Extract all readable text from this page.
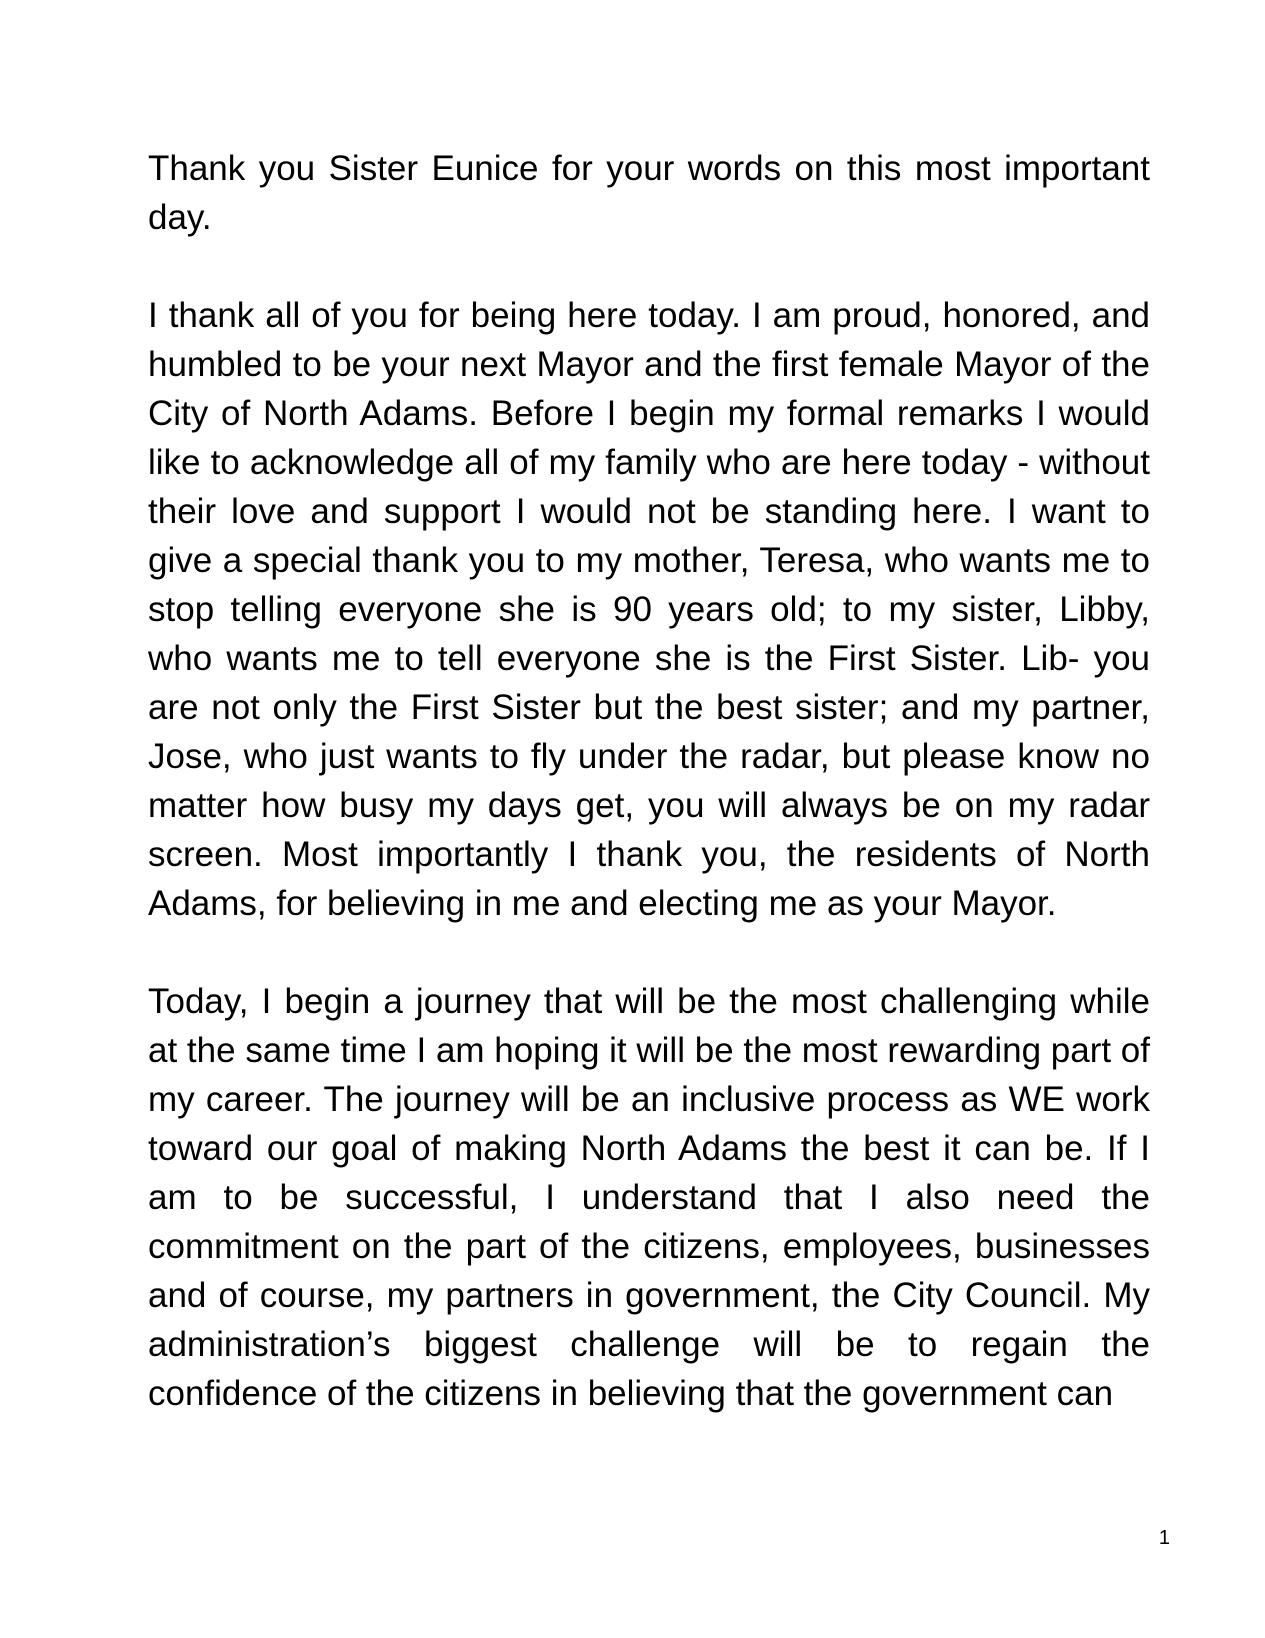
Thank you Sister Eunice for your words on this most important day.

I thank all of you for being here today. I am proud, honored, and humbled to be your next Mayor and the first female Mayor of the City of North Adams. Before I begin my formal remarks I would like to acknowledge all of my family who are here today - without their love and support I would not be standing here. I want to give a special thank you to my mother, Teresa, who wants me to stop telling everyone she is 90 years old; to my sister, Libby, who wants me to tell everyone she is the First Sister. Lib- you are not only the First Sister but the best sister; and my partner, Jose, who just wants to fly under the radar, but please know no matter how busy my days get, you will always be on my radar screen. Most importantly I thank you, the residents of North Adams, for believing in me and electing me as your Mayor.

Today, I begin a journey that will be the most challenging while at the same time I am hoping it will be the most rewarding part of my career. The journey will be an inclusive process as WE work toward our goal of making North Adams the best it can be. If I am to be successful, I understand that I also need the commitment on the part of the citizens, employees, businesses and of course, my partners in government, the City Council. My administration’s biggest challenge will be to regain the confidence of the citizens in believing that the government can

1
